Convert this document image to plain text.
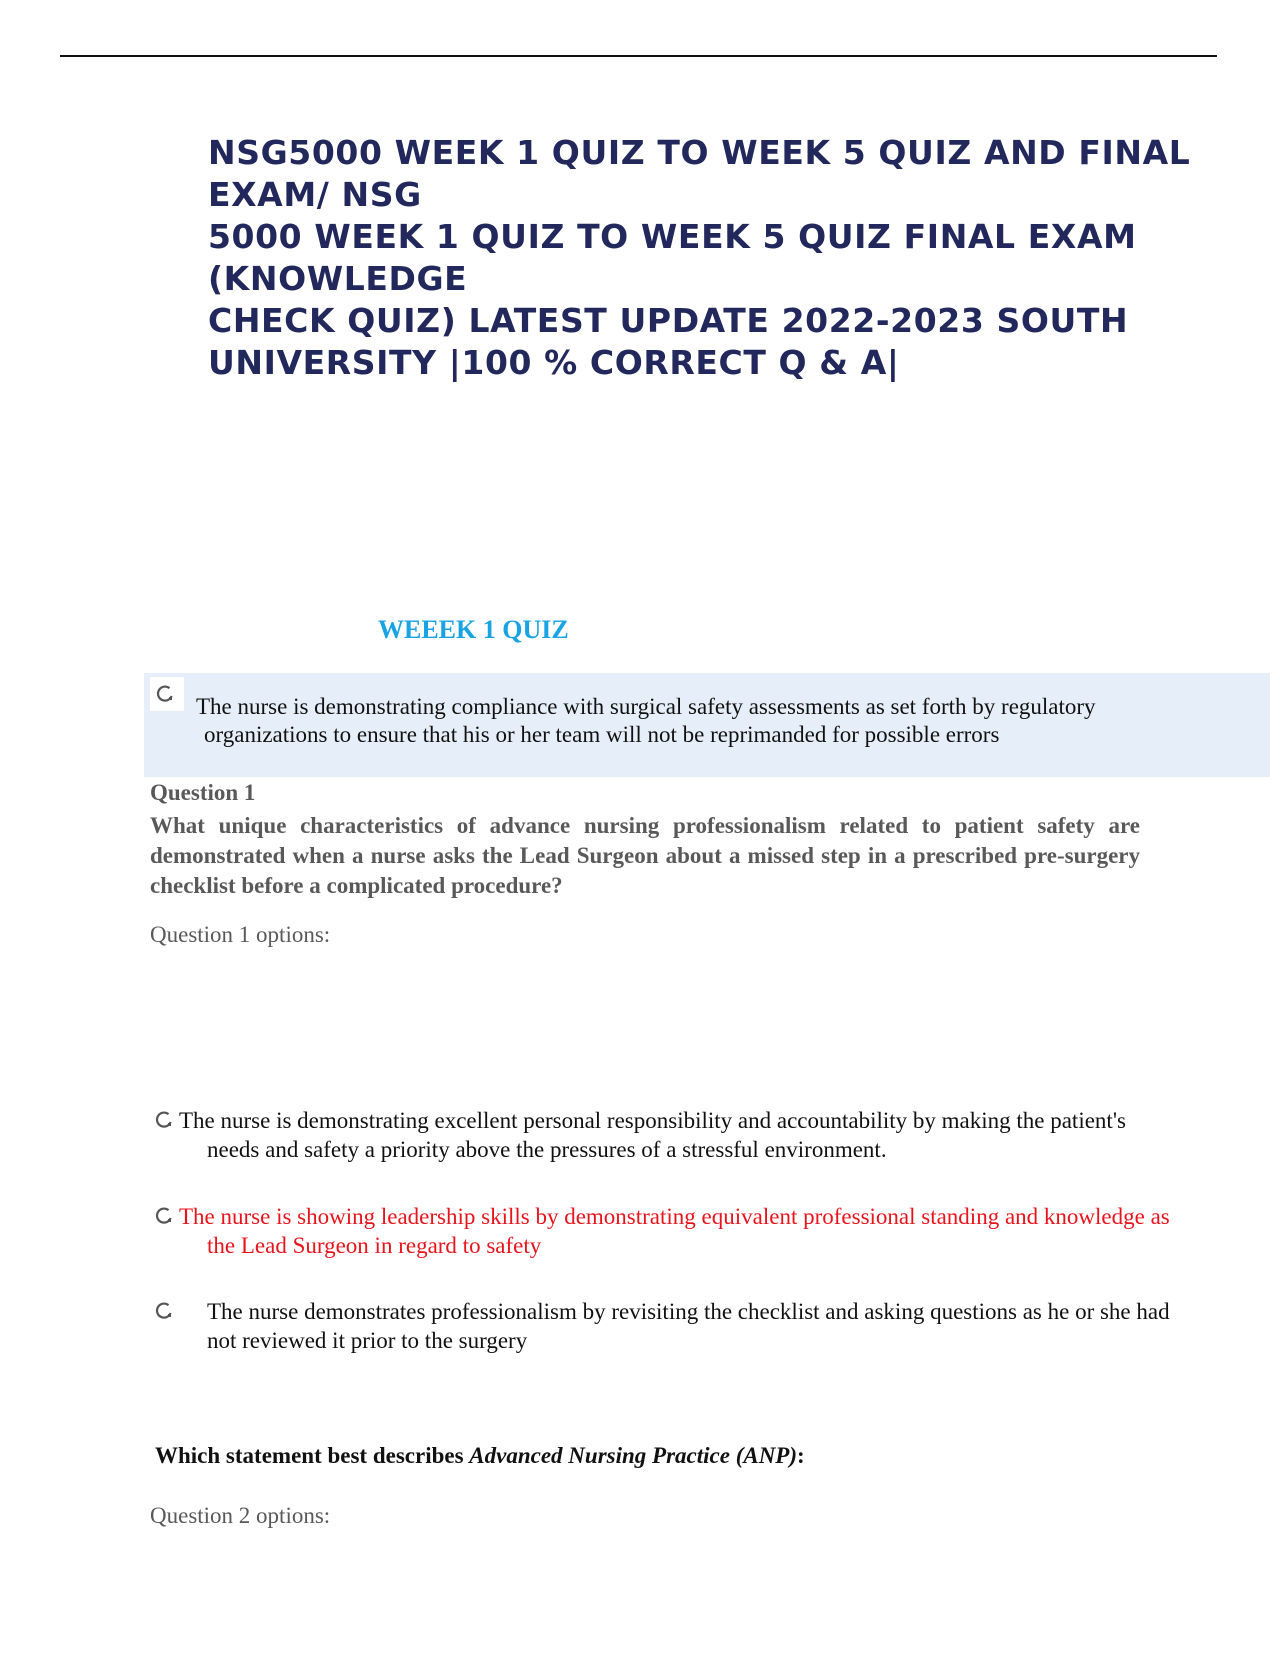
NSG5000 WEEK 1 QUIZ TO WEEK 5 QUIZ AND FINAL
EXAM/ NSG
5000 WEEK 1 QUIZ TO WEEK 5 QUIZ FINAL EXAM
(KNOWLEDGE
CHECK QUIZ) LATEST UPDATE 2022-2023 SOUTH
UNIVERSITY |100 % CORRECT Q & A|
WEEEK 1 QUIZ
The nurse is demonstrating compliance with surgical safety assessments as set forth by regulatory
organizations to ensure that his or her team will not be reprimanded for possible errors
Question 1
What unique characteristics of advance nursing professionalism related to patient safety are demonstrated when a nurse asks the Lead Surgeon about a missed step in a prescribed pre-surgery checklist before a complicated procedure?
Question 1 options:
The nurse is demonstrating excellent personal responsibility and accountability by making the patient's
needs and safety a priority above the pressures of a stressful environment.
The nurse is showing leadership skills by demonstrating equivalent professional standing and knowledge as
the Lead Surgeon in regard to safety
The nurse demonstrates professionalism by revisiting the checklist and asking questions as he or she had
not reviewed it prior to the surgery
Which statement best describes Advanced Nursing Practice (ANP):
Question 2 options:
